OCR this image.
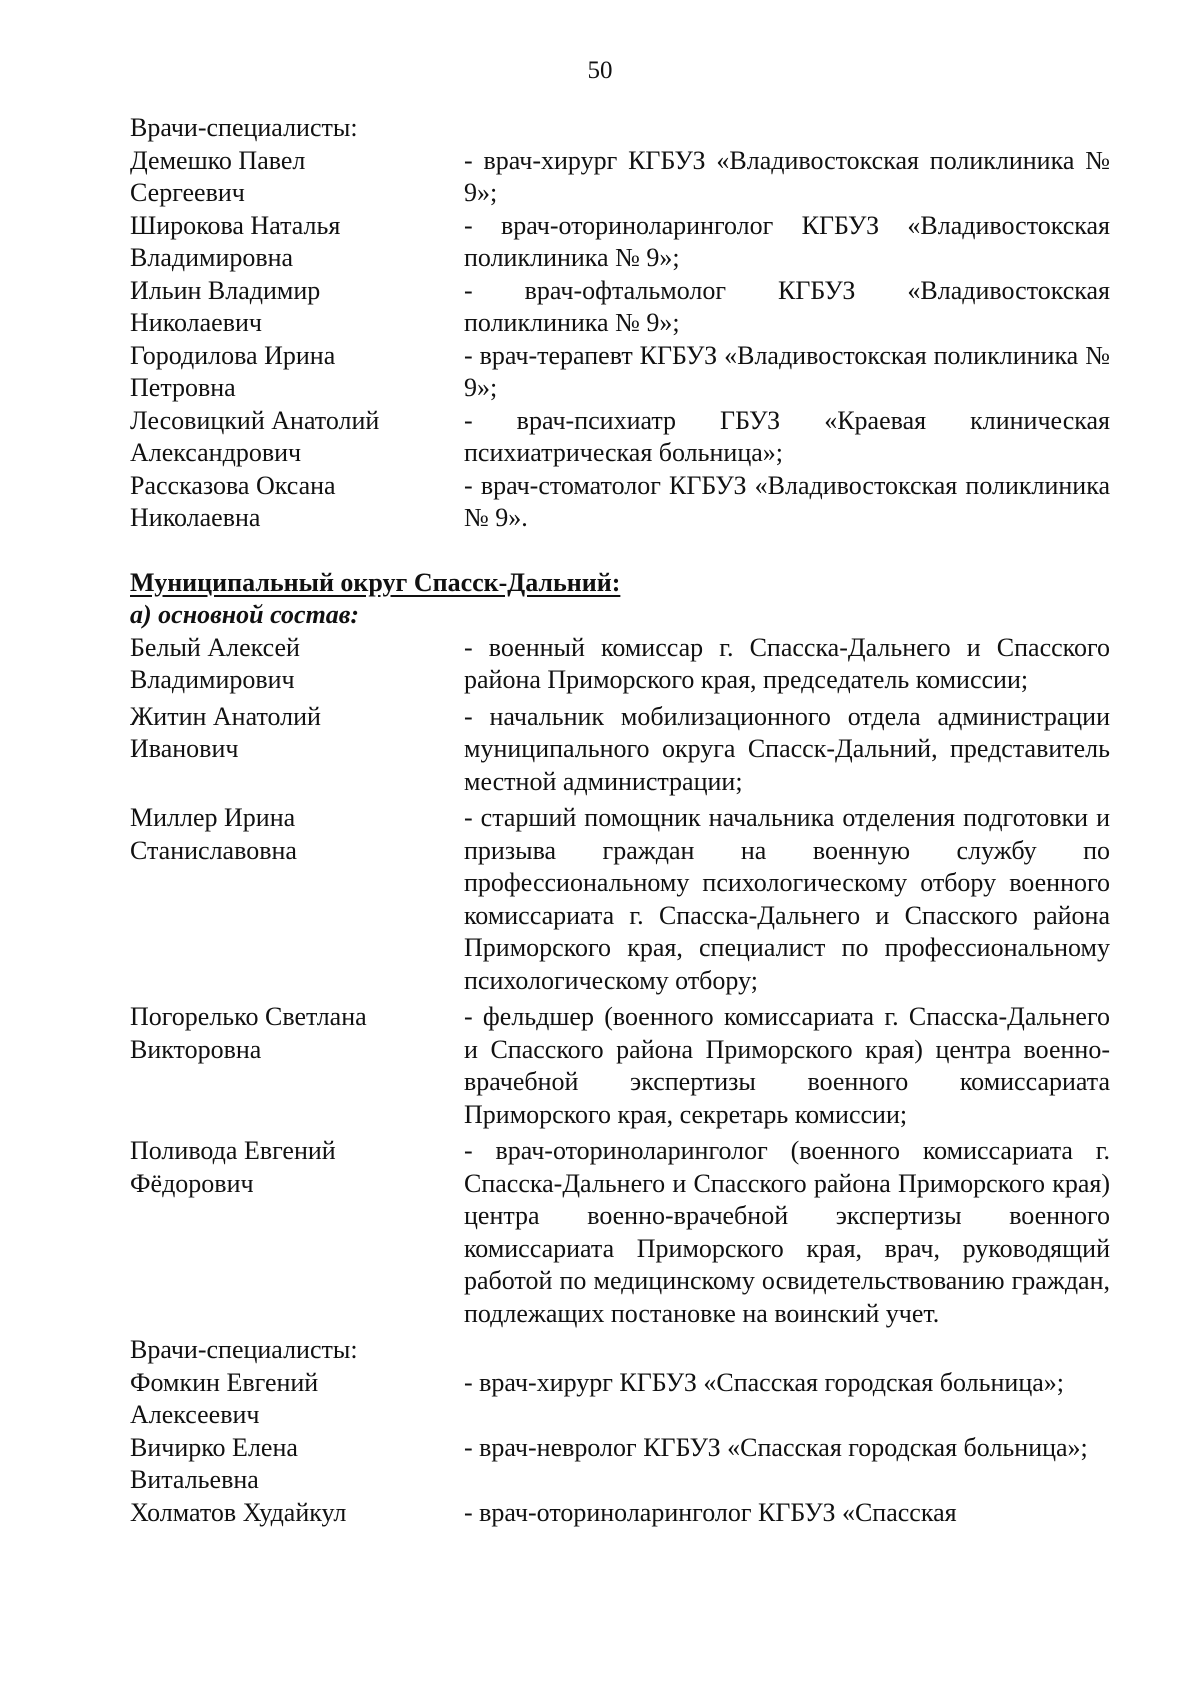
50
Врачи-специалисты:
Демешко Павел
Сергеевич
- врач-хирург КГБУЗ «Владивостокская поликлиника № 9»;
Широкова Наталья
Владимировна
- врач-оториноларинголог КГБУЗ «Владивостокская поликлиника № 9»;
Ильин Владимир
Николаевич
- врач-офтальмолог КГБУЗ «Владивостокская поликлиника № 9»;
Городилова Ирина
Петровна
- врач-терапевт КГБУЗ «Владивостокская поликлиника № 9»;
Лесовицкий Анатолий
Александрович
- врач-психиатр ГБУЗ «Краевая клиническая психиатрическая больница»;
Рассказова Оксана
Николаевна
- врач-стоматолог КГБУЗ «Владивостокская поликлиника № 9».
Муниципальный округ Спасск-Дальний:
а) основной состав:
Белый Алексей
Владимирович
- военный комиссар г. Спасска-Дальнего и Спасского района Приморского края, председатель комиссии;
Житин Анатолий
Иванович
- начальник мобилизационного отдела администрации муниципального округа Спасск-Дальний, представитель местной администрации;
Миллер Ирина
Станиславовна
- старший помощник начальника отделения подготовки и призыва граждан на военную службу по профессиональному психологическому отбору военного комиссариата г. Спасска-Дальнего и Спасского района Приморского края, специалист по профессиональному психологическому отбору;
Погорелько Светлана
Викторовна
- фельдшер (военного комиссариата г. Спасска-Дальнего и Спасского района Приморского края) центра военно-врачебной экспертизы военного комиссариата Приморского края, секретарь комиссии;
Поливода Евгений
Фёдорович
- врач-оториноларинголог (военного комиссариата г. Спасска-Дальнего и Спасского района Приморского края) центра военно-врачебной экспертизы военного комиссариата Приморского края, врач, руководящий работой по медицинскому освидетельствованию граждан, подлежащих постановке на воинский учет.
Врачи-специалисты:
Фомкин Евгений
Алексеевич
- врач-хирург КГБУЗ «Спасская городская больница»;
Вичирко Елена
Витальевна
- врач-невролог КГБУЗ «Спасская городская больница»;
Холматов Худайкул	- врач-оториноларинголог КГБУЗ «Спасская
